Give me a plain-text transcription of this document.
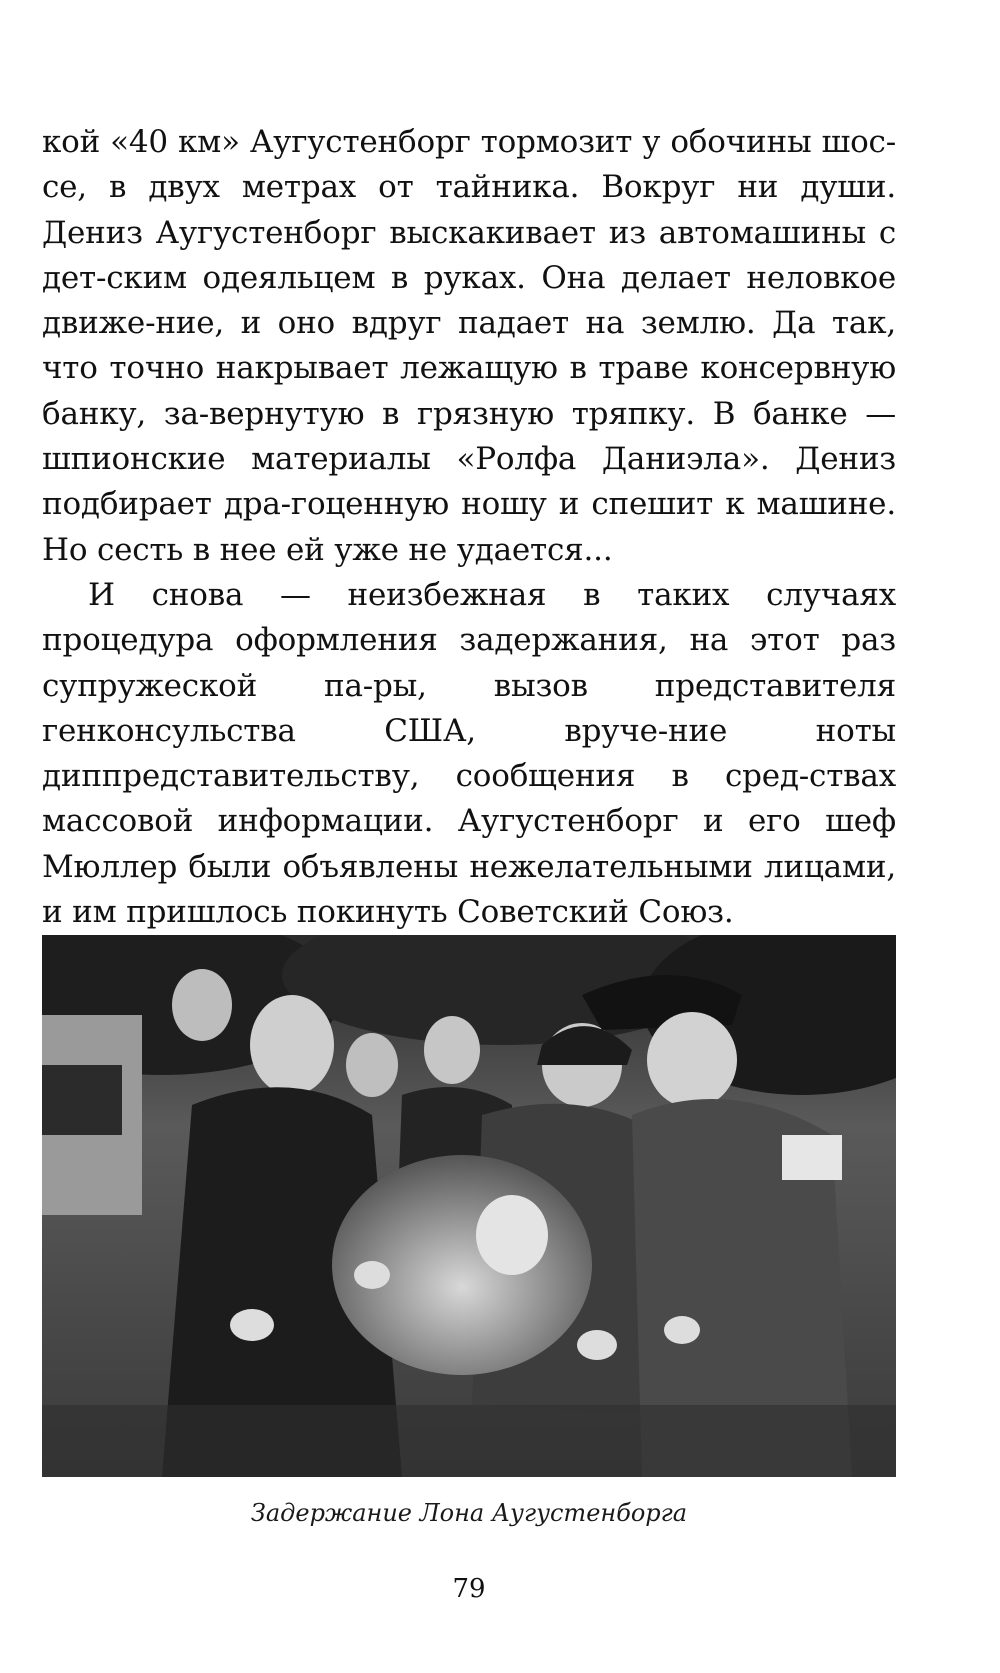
кой «40 км» Аугустенборг тормозит у обочины шос-се, в двух метрах от тайника. Вокруг ни души. Дениз Аугустенборг выскакивает из автомашины с дет-ским одеяльцем в руках. Она делает неловкое движе-ние, и оно вдруг падает на землю. Да так, что точно накрывает лежащую в траве консервную банку, за-вернутую в грязную тряпку. В банке — шпионские материалы «Ролфа Даниэла». Дениз подбирает дра-гоценную ношу и спешит к машине. Но сесть в нее ей уже не удается...

И снова — неизбежная в таких случаях процедура оформления задержания, на этот раз супружеской па-ры, вызов представителя генконсульства США, вруче-ние ноты диппредставительству, сообщения в сред-ствах массовой информации. Аугустенборг и его шеф Мюллер были объявлены нежелательными лицами, и им пришлось покинуть Советский Союз.

Задержание Лона Аугустенборга
79
